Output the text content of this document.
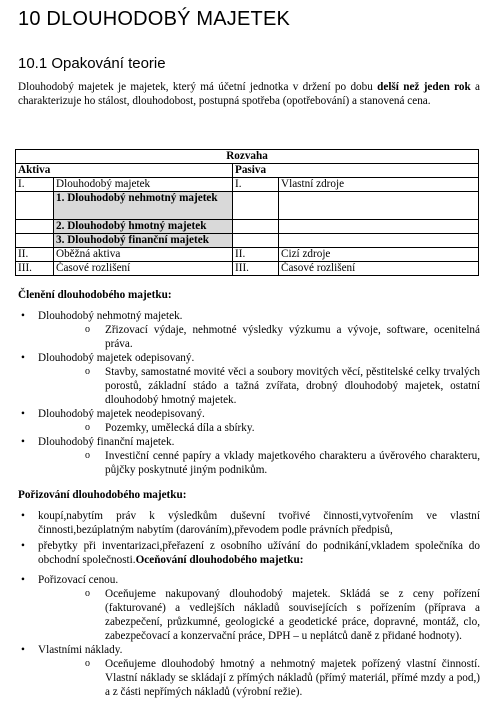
10 DLOUHODOBÝ MAJETEK
10.1 Opakování teorie

Dlouhodobý majetek je majetek, který má účetní jednotka v držení po dobu delší než jeden rok a charakterizuje ho stálost, dlouhodobost, postupná spotřeba (opotřebování) a stanovená cena.

Rozvaha			
Aktiva		Pasiva	
I.	Dlouhodobý majetek	I.	Vlastní zdroje
	1. Dlouhodobý nehmotný majetek		
	2. Dlouhodobý hmotný majetek		
	3. Dlouhodobý finanční majetek		
II.	Oběžná aktiva	II.	Cizí zdroje
III.	Časové rozlišení	III.	Časové rozlišení
Členění dlouhodobého majetku:
• Dlouhodobý nehmotný majetek.
o Zřizovací výdaje, nehmotné výsledky výzkumu a vývoje, software, ocenitelná práva.
• Dlouhodobý majetek odepisovaný.
o Stavby, samostatné movité věci a soubory movitých věcí, pěstitelské celky trvalých porostů, základní stádo a tažná zvířata, drobný dlouhodobý majetek, ostatní dlouhodobý hmotný majetek.
• Dlouhodobý majetek neodepisovaný.
o Pozemky, umělecká díla a sbírky.
• Dlouhodobý finanční majetek.
o Investiční cenné papíry a vklady majetkového charakteru a úvěrového charakteru, půjčky poskytnuté jiným podnikům.
Pořizování dlouhodobého majetku:
• koupí,nabytím práv k výsledkům duševní tvořivé činnosti,vytvořením ve vlastní činnosti,bezúplatným nabytím (darováním),převodem podle právních předpisů,
• přebytky při inventarizaci,přeřazení z osobního užívání do podnikání,vkladem společníka do obchodní společnosti.Oceňování dlouhodobého majetku:
• Pořizovací cenou.
o Oceňujeme nakupovaný dlouhodobý majetek. Skládá se z ceny pořízení (fakturované) a vedlejších nákladů souvisejících s pořízením (příprava a zabezpečení, průzkumné, geologické a geodetické práce, dopravné, montáž, clo, zabezpečovací a konzervační práce, DPH – u neplátců daně z přidané hodnoty).
• Vlastními náklady.
o Oceňujeme dlouhodobý hmotný a nehmotný majetek pořízený vlastní činností. Vlastní náklady se skládají z přímých nákladů (přímý materiál, přímé mzdy a pod,) a z části nepřímých nákladů (výrobní režie).
